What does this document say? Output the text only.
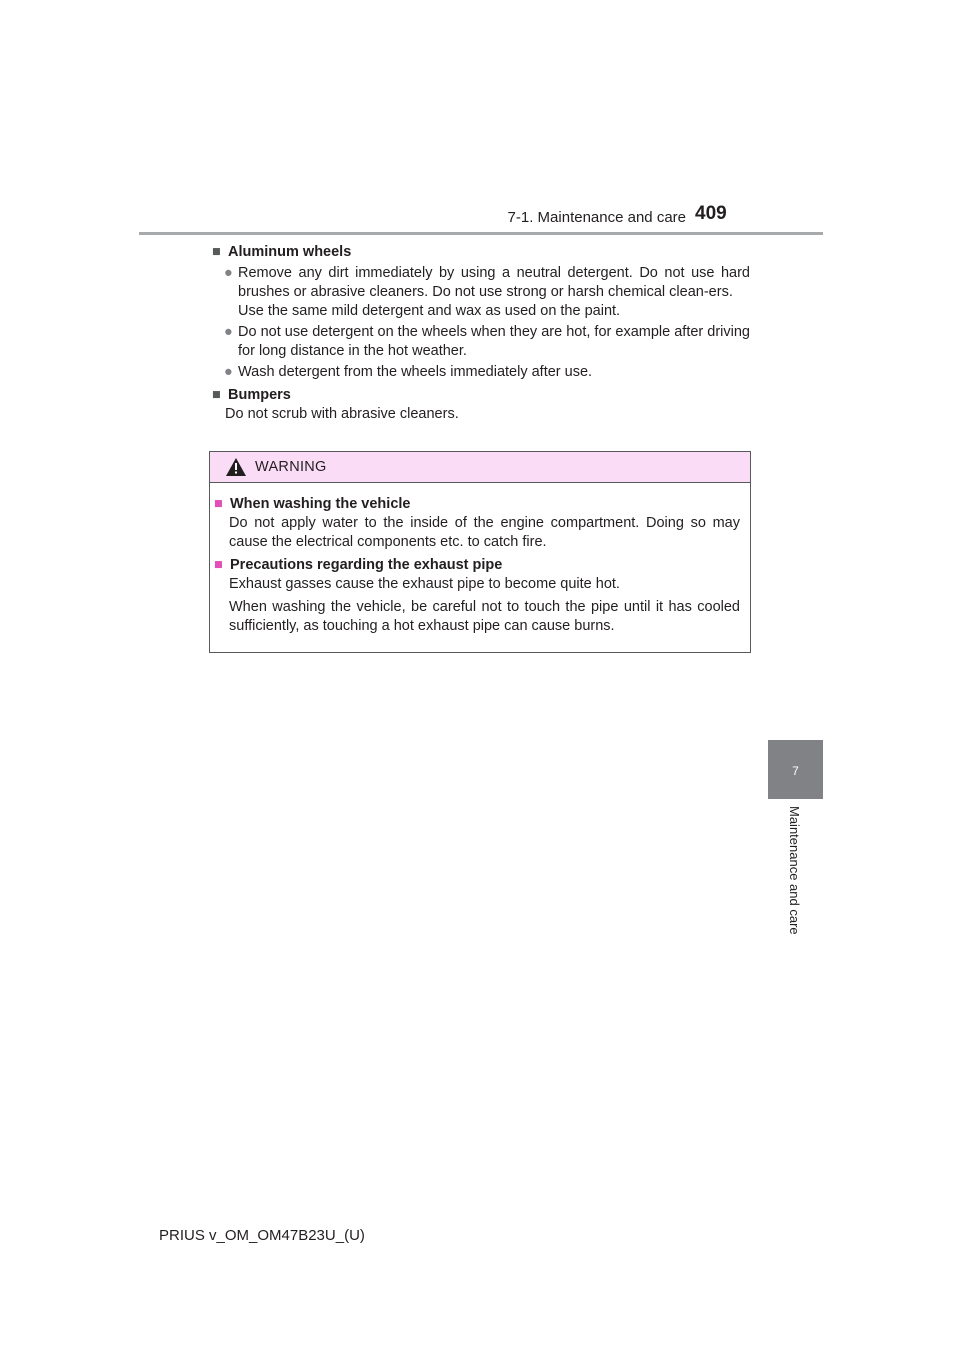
7-1. Maintenance and care 409
7
Maintenance and care
■ Aluminum wheels
● Remove any dirt immediately by using a neutral detergent. Do not use hard brushes or abrasive cleaners. Do not use strong or harsh chemical clean-ers.
Use the same mild detergent and wax as used on the paint.
● Do not use detergent on the wheels when they are hot, for example after driving for long distance in the hot weather.
● Wash detergent from the wheels immediately after use.
■ Bumpers
Do not scrub with abrasive cleaners.
WARNING
■ When washing the vehicle
Do not apply water to the inside of the engine compartment. Doing so may cause the electrical components etc. to catch fire.
■ Precautions regarding the exhaust pipe
Exhaust gasses cause the exhaust pipe to become quite hot.
When washing the vehicle, be careful not to touch the pipe until it has cooled sufficiently, as touching a hot exhaust pipe can cause burns.
PRIUS v_OM_OM47B23U_(U)
